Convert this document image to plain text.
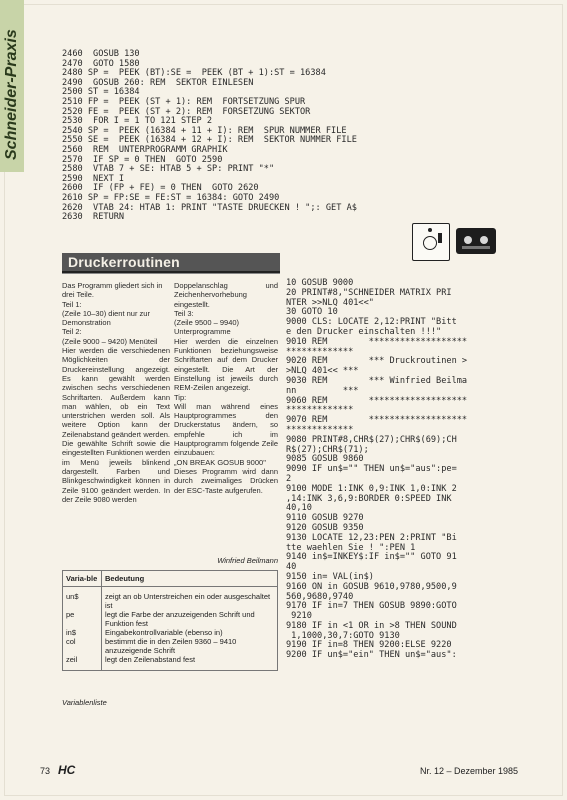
Schneider-Praxis	2460  GOSUB 130
2470  GOTO 1580
2480 SP =  PEEK (BT):SE =  PEEK (BT + 1):ST = 16384
2490  GOSUB 260: REM  SEKTOR EINLESEN
2500 ST = 16384
2510 FP =  PEEK (ST + 1): REM  FORTSETZUNG SPUR
2520 FE =  PEEK (ST + 2): REM  FORSETZUNG SEKTOR
2530  FOR I = 1 TO 121 STEP 2
2540 SP =  PEEK (16384 + 11 + I): REM  SPUR NUMMER FILE
2550 SE =  PEEK (16384 + 12 + I): REM  SEKTOR NUMMER FILE
2560  REM  UNTERPROGRAMM GRAPHIK
2570  IF SP = 0 THEN  GOTO 2590
2580  VTAB 7 + SE: HTAB 5 + SP: PRINT "*"
2590  NEXT I
2600  IF (FP + FE) = 0 THEN  GOTO 2620
2610 SP = FP:SE = FE:ST = 16384: GOTO 2490
2620  VTAB 24: HTAB 1: PRINT "TASTE DRUECKEN ! ";: GET A$
2630  RETURN
Druckerroutinen

Das Programm gliedert sich in drei Teile.

Teil 1:

(Zeile 10–30) dient nur zur Demonstration

Teil 2:

(Zeile 9000 – 9420) Menüteil

Hier werden die verschiedenen Möglichkeiten der Druckereinstellung angezeigt. Es kann gewählt werden zwischen sechs verschiedenen Schriftarten. Außerdem kann man wählen, ob ein Text unterstrichen werden soll. Als weitere Option kann der Zeilenabstand geändert werden. Die gewählte Schrift sowie die eingestellten Funktionen werden im Menü jeweils blinkend dargestellt. Farben und Blinkgeschwindigkeit können in Zeile 9100 geändert werden. In der Zeile 9080 werden

Doppelanschlag und Zeichenhervorhebung eingestellt.

Teil 3:

(Zeile 9500 – 9940) Unterprogramme

Hier werden die einzelnen Funktionen beziehungsweise Schriftarten auf dem Drucker eingestellt. Die Art der Einstellung ist jeweils durch REM-Zeilen angezeigt.

Tip:

Will man während eines Hauptprogrammes den Druckerstatus ändern, so empfehle ich im Hauptprogramm folgende Zeile einzubauen:

„ON BREAK GOSUB 9000"

Dieses Programm wird dann durch zweimaliges Drücken der ESC-Taste aufgerufen.

Winfried Beilmann
Varia-ble	Bedeutung
un$	zeigt an ob Unterstreichen ein oder ausgeschaltet ist
pe	legt die Farbe der anzuzeigenden Schrift und Funktion fest
in$	Eingabekontrollvariable (ebenso in)
col	bestimmt die in den Zeilen 9360 – 9410 anzuzeigende Schrift
zeil	legt den Zeilenabstand fest
Variablenliste
10 GOSUB 9000
20 PRINT#8,"SCHNEIDER MATRIX PRI
NTER >>NLQ 401<<"
30 GOTO 10
9000 CLS: LOCATE 2,12:PRINT "Bitt
e den Drucker einschalten !!!"
9010 REM        *******************
*************
9020 REM        *** Druckroutinen >
>NLQ 401<< ***
9030 REM        *** Winfried Beilma
nn         ***
9060 REM        *******************
*************
9070 REM        *******************
*************
9080 PRINT#8,CHR$(27);CHR$(69);CH
R$(27);CHR$(71);
9085 GOSUB 9860
9090 IF un$="" THEN un$="aus":pe=
2
9100 MODE 1:INK 0,9:INK 1,0:INK 2
,14:INK 3,6,9:BORDER 0:SPEED INK
40,10
9110 GOSUB 9270
9120 GOSUB 9350
9130 LOCATE 12,23:PEN 2:PRINT "Bi
tte waehlen Sie ! ":PEN 1
9140 in$=INKEY$:IF in$="" GOTO 91
40
9150 in= VAL(in$)
9160 ON in GOSUB 9610,9780,9500,9
560,9680,9740
9170 IF in=7 THEN GOSUB 9890:GOTO
9210
9180 IF in <1 OR in >8 THEN SOUND
1,1000,30,7:GOTO 9130
9190 IF in=8 THEN 9200:ELSE 9220
9200 IF un$="ein" THEN un$="aus":
73 HC	Nr. 12 – Dezember 1985
